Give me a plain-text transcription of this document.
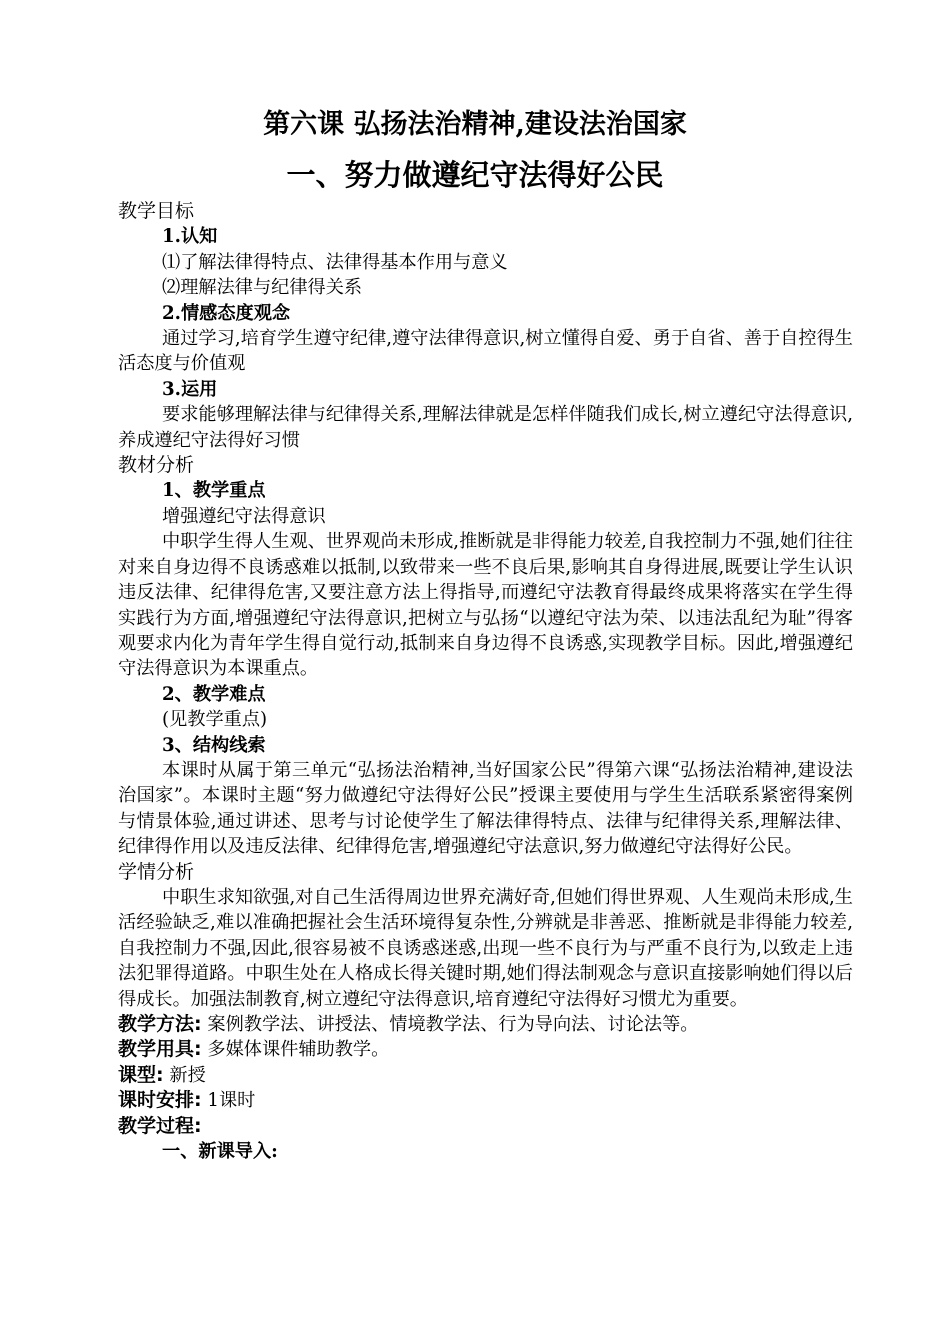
第六课 弘扬法治精神,建设法治国家
一、努力做遵纪守法得好公民

教学目标

1.认知

⑴了解法律得特点、法律得基本作用与意义

⑵理解法律与纪律得关系

2.情感态度观念

通过学习,培育学生遵守纪律,遵守法律得意识,树立懂得自爱、勇于自省、善于自控得生活态度与价值观

3.运用

要求能够理解法律与纪律得关系,理解法律就是怎样伴随我们成长,树立遵纪守法得意识,养成遵纪守法得好习惯

教材分析

1、教学重点

增强遵纪守法得意识

中职学生得人生观、世界观尚未形成,推断就是非得能力较差,自我控制力不强,她们往往对来自身边得不良诱惑难以抵制,以致带来一些不良后果,影响其自身得进展,既要让学生认识违反法律、纪律得危害,又要注意方法上得指导,而遵纪守法教育得最终成果将落实在学生得实践行为方面,增强遵纪守法得意识,把树立与弘扬“以遵纪守法为荣、以违法乱纪为耻”得客观要求内化为青年学生得自觉行动,抵制来自身边得不良诱惑,实现教学目标。因此,增强遵纪守法得意识为本课重点。

2、教学难点

(见教学重点)

3、结构线索

本课时从属于第三单元“弘扬法治精神,当好国家公民”得第六课“弘扬法治精神,建设法治国家”。本课时主题“努力做遵纪守法得好公民”授课主要使用与学生生活联系紧密得案例与情景体验,通过讲述、思考与讨论使学生了解法律得特点、法律与纪律得关系,理解法律、纪律得作用以及违反法律、纪律得危害,增强遵纪守法意识,努力做遵纪守法得好公民。

学情分析

中职生求知欲强,对自己生活得周边世界充满好奇,但她们得世界观、人生观尚未形成,生活经验缺乏,难以准确把握社会生活环境得复杂性,分辨就是非善恶、推断就是非得能力较差,自我控制力不强,因此,很容易被不良诱惑迷惑,出现一些不良行为与严重不良行为,以致走上违法犯罪得道路。中职生处在人格成长得关键时期,她们得法制观念与意识直接影响她们得以后得成长。加强法制教育,树立遵纪守法得意识,培育遵纪守法得好习惯尤为重要。

教学方法: 案例教学法、讲授法、情境教学法、行为导向法、讨论法等。

教学用具: 多媒体课件辅助教学。

课型: 新授

课时安排: 1课时

教学过程:

一、新课导入:
